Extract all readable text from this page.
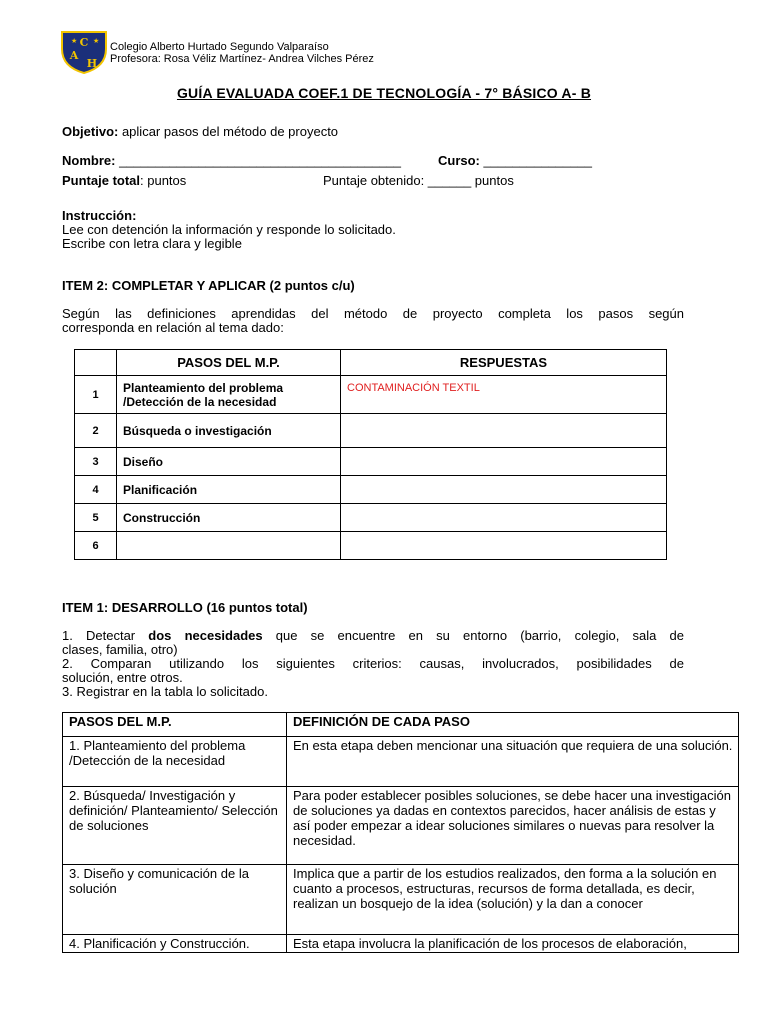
C
A
H
★ ★ Colegio Alberto Hurtado Segundo Valparaíso
Profesora: Rosa Véliz Martínez- Andrea Vilches Pérez
GUÍA EVALUADA COEF.1 DE TECNOLOGÍA - 7° BÁSICO A- B
Objetivo: aplicar pasos del método de proyecto
Nombre: _______________________________________	Curso: _______________
Puntaje total: puntos	Puntaje obtenido: ______ puntos
Instrucción:
Lee con detención la información y responde lo solicitado.
Escribe con letra clara y legible
ITEM 2: COMPLETAR Y APLICAR (2 puntos c/u)
Según las definiciones aprendidas del método de proyecto completa los pasos según
corresponda en relación al tema dado:
	PASOS DEL M.P.	RESPUESTAS
1	Planteamiento del problema /Detección de la necesidad	CONTAMINACIÓN TEXTIL
2	Búsqueda o investigación	
3	Diseño	
4	Planificación	
5	Construcción	
6		
ITEM 1: DESARROLLO (16 puntos total)
1. Detectar dos necesidades que se encuentre en su entorno (barrio, colegio, sala de
clases, familia, otro)
2. Comparan utilizando los siguientes criterios: causas, involucrados, posibilidades de
solución, entre otros.
3. Registrar en la tabla lo solicitado.
PASOS DEL M.P.	DEFINICIÓN DE CADA PASO
1. Planteamiento del problema /Detección de la necesidad	En esta etapa deben mencionar una situación que requiera de una solución.
2. Búsqueda/ Investigación y definición/ Planteamiento/ Selección de soluciones	Para poder establecer posibles soluciones, se debe hacer una investigación de soluciones ya dadas en contextos parecidos, hacer análisis de estas y así poder empezar a idear soluciones similares o nuevas para resolver la necesidad.
3. Diseño y comunicación de la solución	Implica que a partir de los estudios realizados, den forma a la solución en cuanto a procesos, estructuras, recursos de forma detallada, es decir, realizan un bosquejo de la idea (solución) y la dan a conocer
4. Planificación y Construcción.	Esta etapa involucra la planificación de los procesos de elaboración,
